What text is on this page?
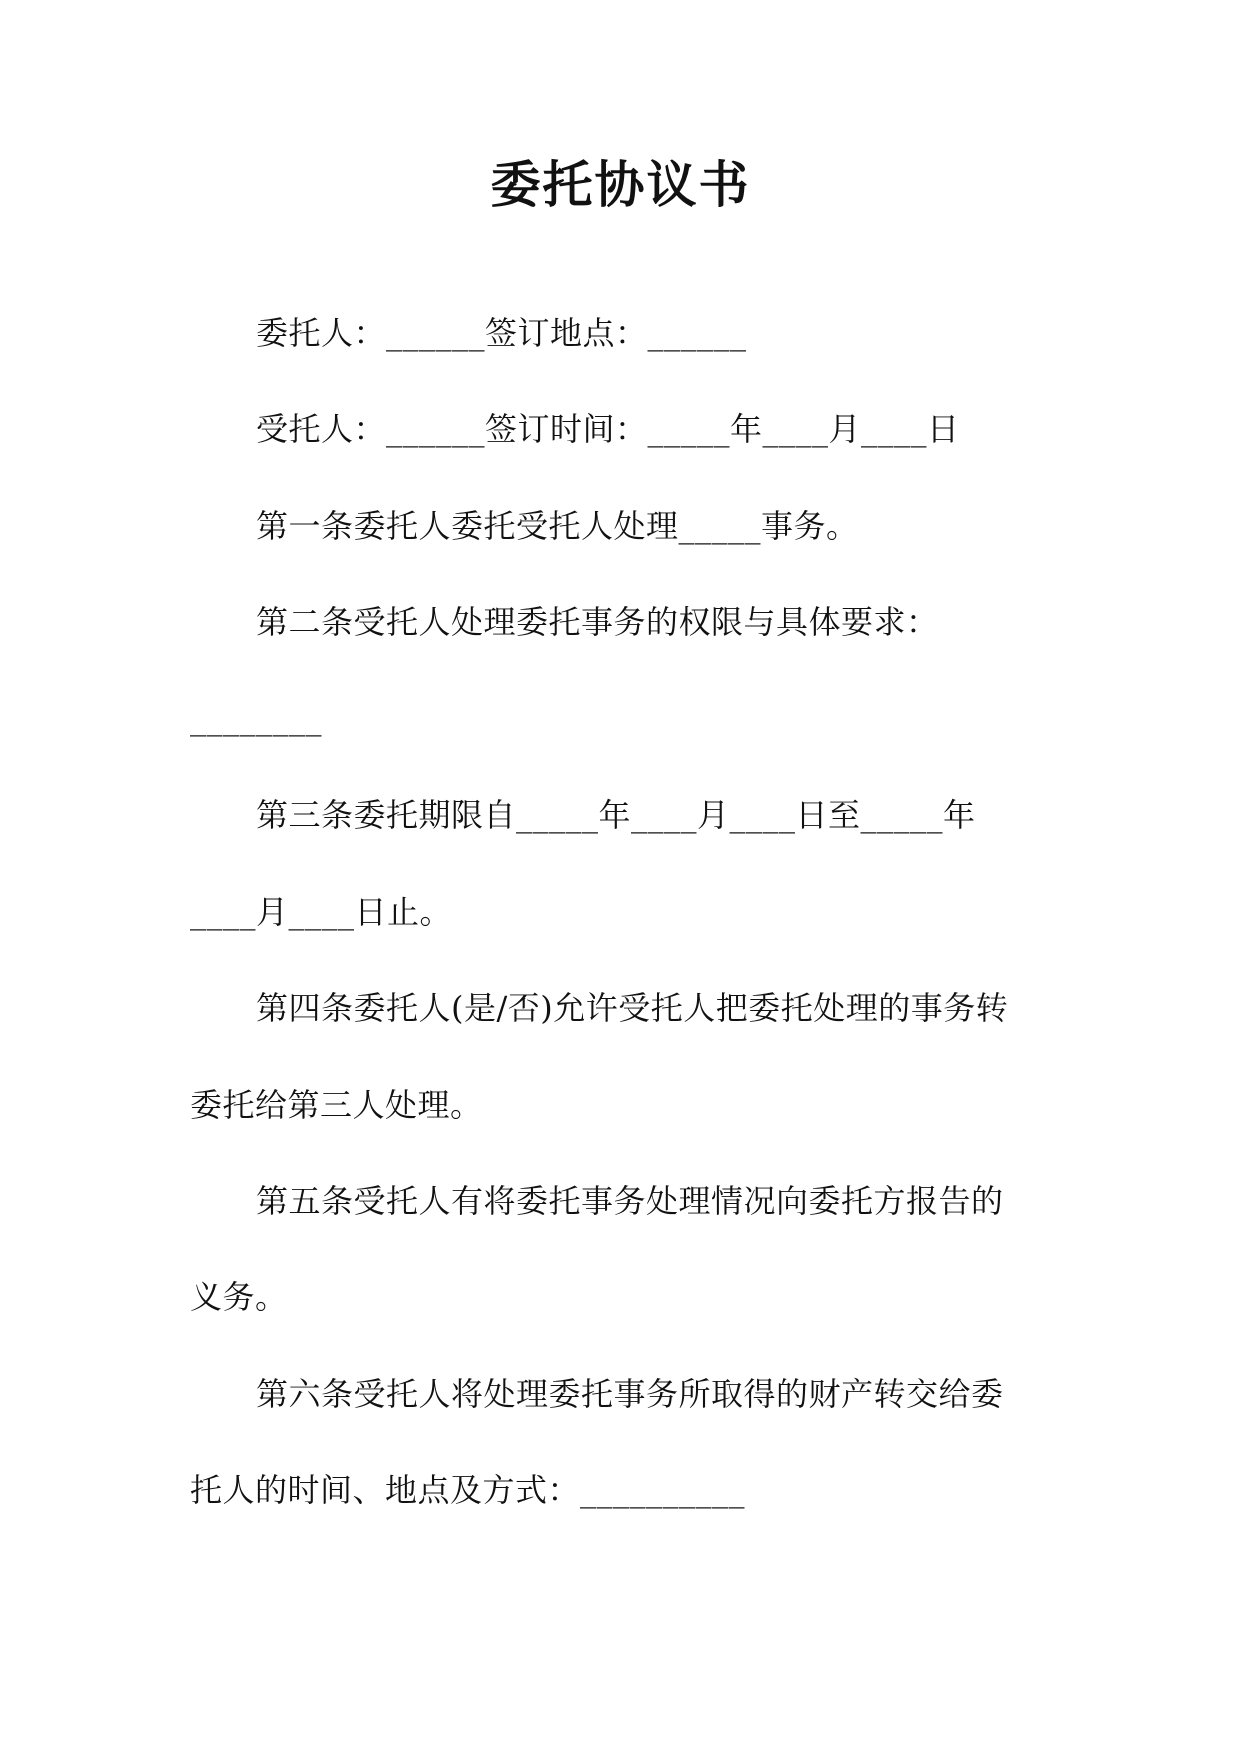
委托协议书

委托人：______签订地点：______

受托人：______签订时间：_____年____月____日

第一条委托人委托受托人处理_____事务。

第二条受托人处理委托事务的权限与具体要求：

________

第三条委托期限自_____年____月____日至_____年

____月____日止。

第四条委托人(是/否)允许受托人把委托处理的事务转

委托给第三人处理。

第五条受托人有将委托事务处理情况向委托方报告的

义务。

第六条受托人将处理委托事务所取得的财产转交给委

托人的时间、地点及方式：__________
